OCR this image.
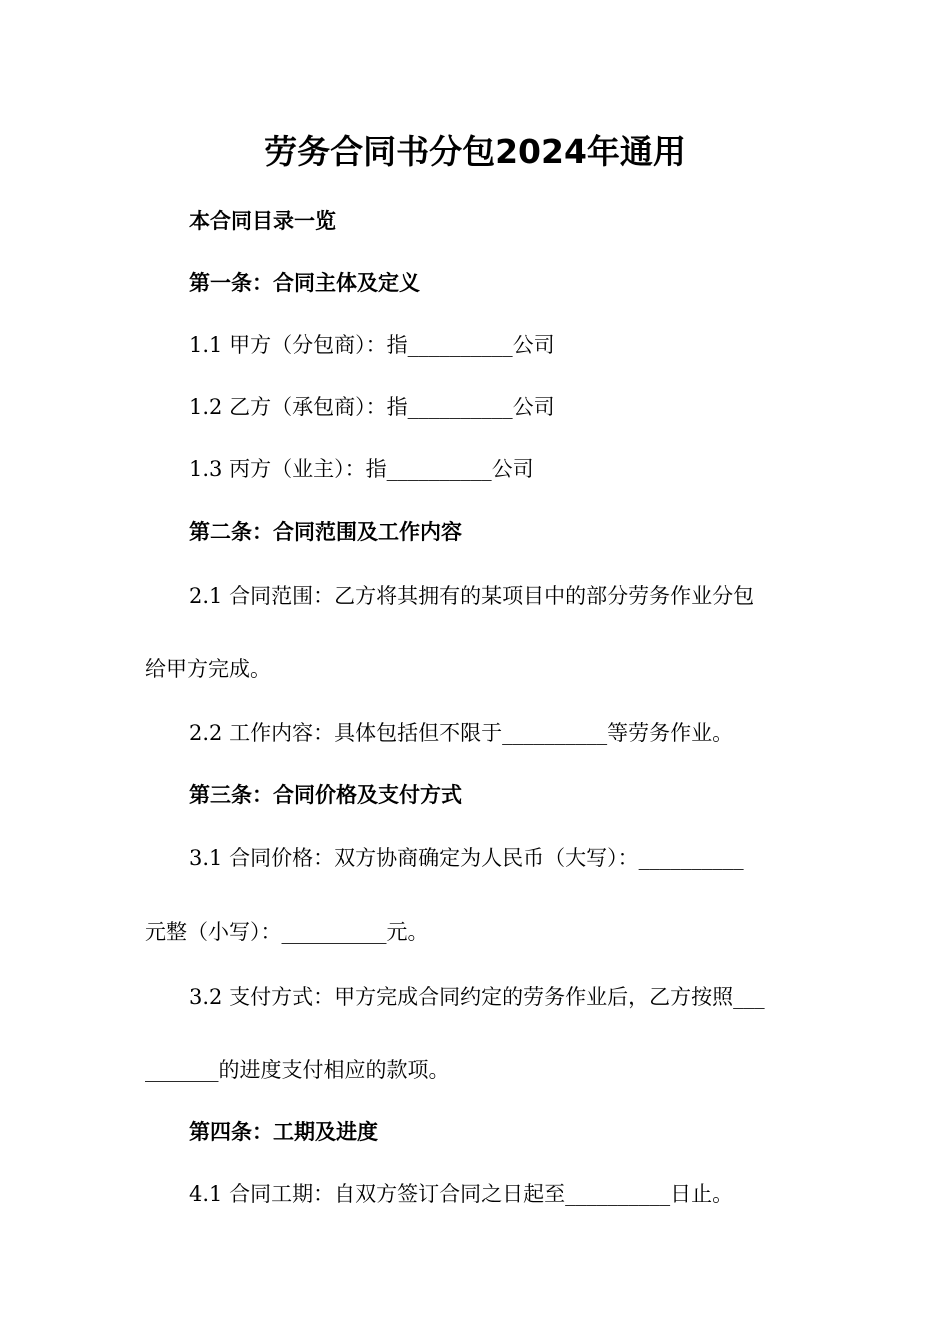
劳务合同书分包2024年通用

本合同目录一览

第一条：合同主体及定义

1.1 甲方（分包商）：指__________公司

1.2 乙方（承包商）：指__________公司

1.3 丙方（业主）：指__________公司

第二条：合同范围及工作内容

2.1 合同范围：乙方将其拥有的某项目中的部分劳务作业分包

给甲方完成。

2.2 工作内容：具体包括但不限于__________等劳务作业。

第三条：合同价格及支付方式

3.1 合同价格：双方协商确定为人民币（大写）：__________

元整（小写）：__________元。

3.2 支付方式：甲方完成合同约定的劳务作业后，乙方按照___

_______的进度支付相应的款项。

第四条：工期及进度

4.1 合同工期：自双方签订合同之日起至__________日止。
